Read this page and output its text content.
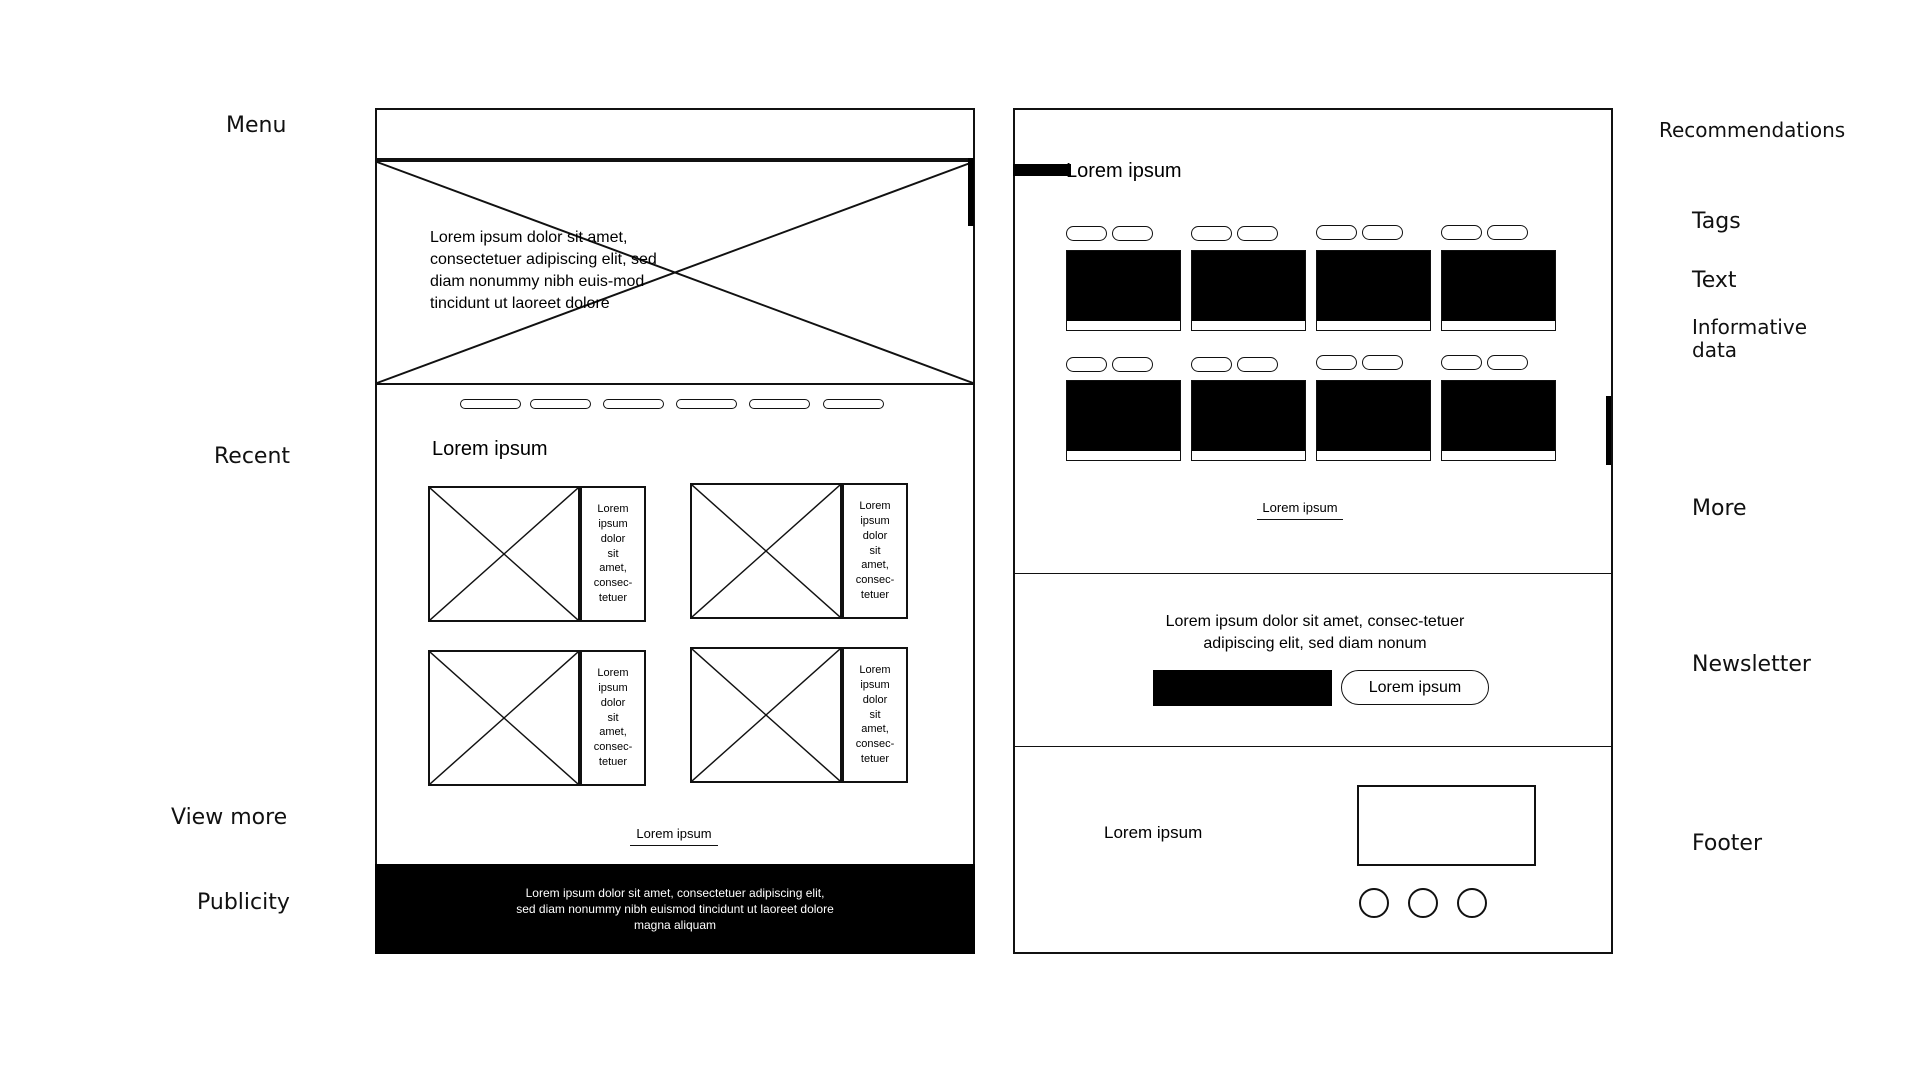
Menu
Recent
View more
Publicity
Recommendations
Tags
Text
Informative data
More
Newsletter
Footer
Lorem ipsum dolor sit amet, consectetuer adipiscing elit, sed diam nonummy nibh euis-mod tincidunt ut laoreet dolore
Lorem ipsum
Lorem
ipsum
dolor
sit
amet,
consec-
tetuer
Lorem
ipsum
dolor
sit
amet,
consec-
tetuer
Lorem
ipsum
dolor
sit
amet,
consec-
tetuer
Lorem
ipsum
dolor
sit
amet,
consec-
tetuer
Lorem ipsum
Lorem ipsum dolor sit amet, consectetuer adipiscing elit, sed diam nonummy nibh euismod tincidunt ut laoreet dolore magna aliquam
Lorem ipsum
Lorem ipsum
Lorem ipsum dolor sit amet, consec-tetuer adipiscing elit, sed diam nonum
Lorem ipsum
Lorem ipsum
